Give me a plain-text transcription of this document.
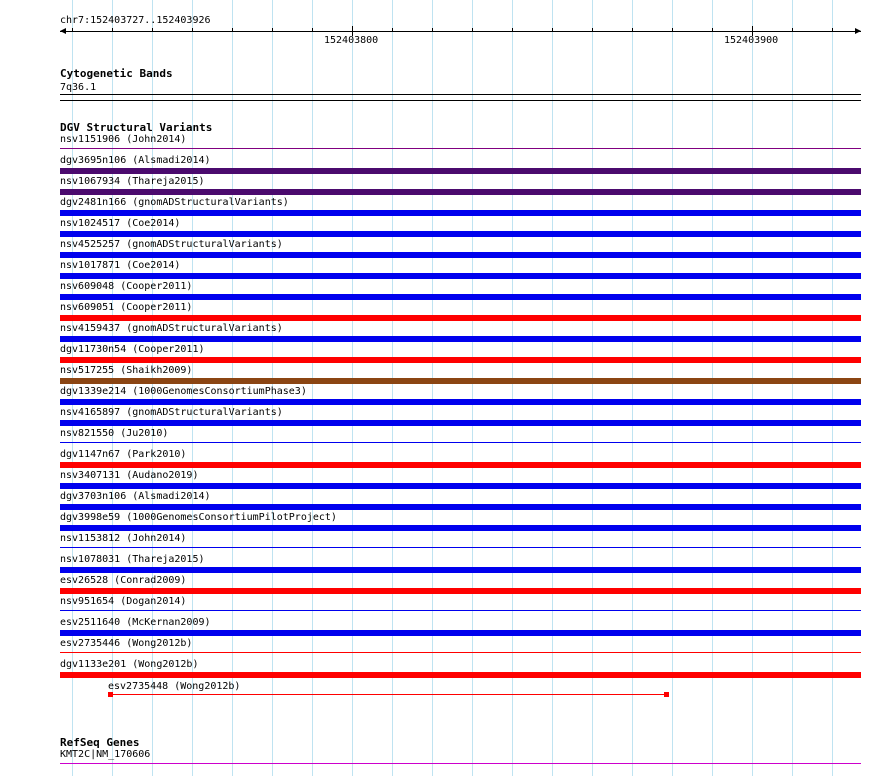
chr7:152403727..152403926
152403800	152403900
Cytogenetic Bands
7q36.1
DGV Structural Variants
nsv1151906 (John2014)
dgv3695n106 (Alsmadi2014)
nsv1067934 (Thareja2015)
dgv2481n166 (gnomADStructuralVariants)
nsv1024517 (Coe2014)
nsv4525257 (gnomADStructuralVariants)
nsv1017871 (Coe2014)
nsv609048 (Cooper2011)
nsv609051 (Cooper2011)
nsv4159437 (gnomADStructuralVariants)
dgv11730n54 (Cooper2011)
nsv517255 (Shaikh2009)
dgv1339e214 (1000GenomesConsortiumPhase3)
nsv4165897 (gnomADStructuralVariants)
nsv821550 (Ju2010)
dgv1147n67 (Park2010)
nsv3407131 (Audano2019)
dgv3703n106 (Alsmadi2014)
dgv3998e59 (1000GenomesConsortiumPilotProject)
nsv1153812 (John2014)
nsv1078031 (Thareja2015)
esv26528 (Conrad2009)
nsv951654 (Dogan2014)
esv2511640 (McKernan2009)
esv2735446 (Wong2012b)
dgv1133e201 (Wong2012b)
esv2735448 (Wong2012b)
RefSeq Genes
KMT2C|NM_170606
